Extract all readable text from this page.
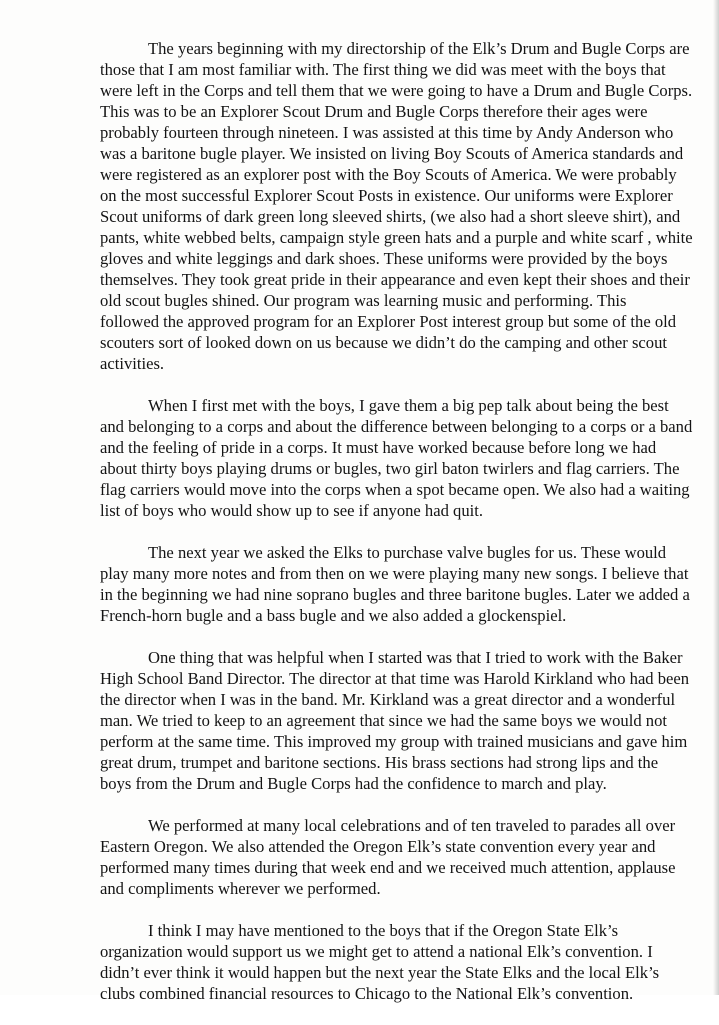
The years beginning with my directorship of the Elk’s Drum and Bugle Corps are
those that I am most familiar with. The first thing we did was meet with the boys that
were left in the Corps and tell them that we were going to have a Drum and Bugle Corps.
This was to be an Explorer Scout Drum and Bugle Corps therefore their ages were
probably fourteen through nineteen. I was assisted at this time by Andy Anderson who
was a baritone bugle player. We insisted on living Boy Scouts of America standards and
were registered as an explorer post with the Boy Scouts of America. We were probably
on the most successful Explorer Scout Posts in existence. Our uniforms were Explorer
Scout uniforms of dark green long sleeved shirts, (we also had a short sleeve shirt), and
pants, white webbed belts, campaign style green hats and a purple and white scarf , white
gloves and white leggings and dark shoes. These uniforms were provided by the boys
themselves. They took great pride in their appearance and even kept their shoes and their
old scout bugles shined. Our program was learning music and performing. This
followed the approved program for an Explorer Post interest group but some of the old
scouters sort of looked down on us because we didn’t do the camping and other scout
activities.
When I first met with the boys, I gave them a big pep talk about being the best
and belonging to a corps and about the difference between belonging to a corps or a band
and the feeling of pride in a corps. It must have worked because before long we had
about thirty boys playing drums or bugles, two girl baton twirlers and flag carriers. The
flag carriers would move into the corps when a spot became open. We also had a waiting
list of boys who would show up to see if anyone had quit.
The next year we asked the Elks to purchase valve bugles for us. These would
play many more notes and from then on we were playing many new songs. I believe that
in the beginning we had nine soprano bugles and three baritone bugles. Later we added a
French-horn bugle and a bass bugle and we also added a glockenspiel.
One thing that was helpful when I started was that I tried to work with the Baker
High School Band Director. The director at that time was Harold Kirkland who had been
the director when I was in the band. Mr. Kirkland was a great director and a wonderful
man. We tried to keep to an agreement that since we had the same boys we would not
perform at the same time. This improved my group with trained musicians and gave him
great drum, trumpet and baritone sections. His brass sections had strong lips and the
boys from the Drum and Bugle Corps had the confidence to march and play.
We performed at many local celebrations and of ten traveled to parades all over
Eastern Oregon. We also attended the Oregon Elk’s state convention every year and
performed many times during that week end and we received much attention, applause
and compliments wherever we performed.
I think I may have mentioned to the boys that if the Oregon State Elk’s
organization would support us we might get to attend a national Elk’s convention. I
didn’t ever think it would happen but the next year the State Elks and the local Elk’s
clubs combined financial resources to Chicago to the National Elk’s convention.
